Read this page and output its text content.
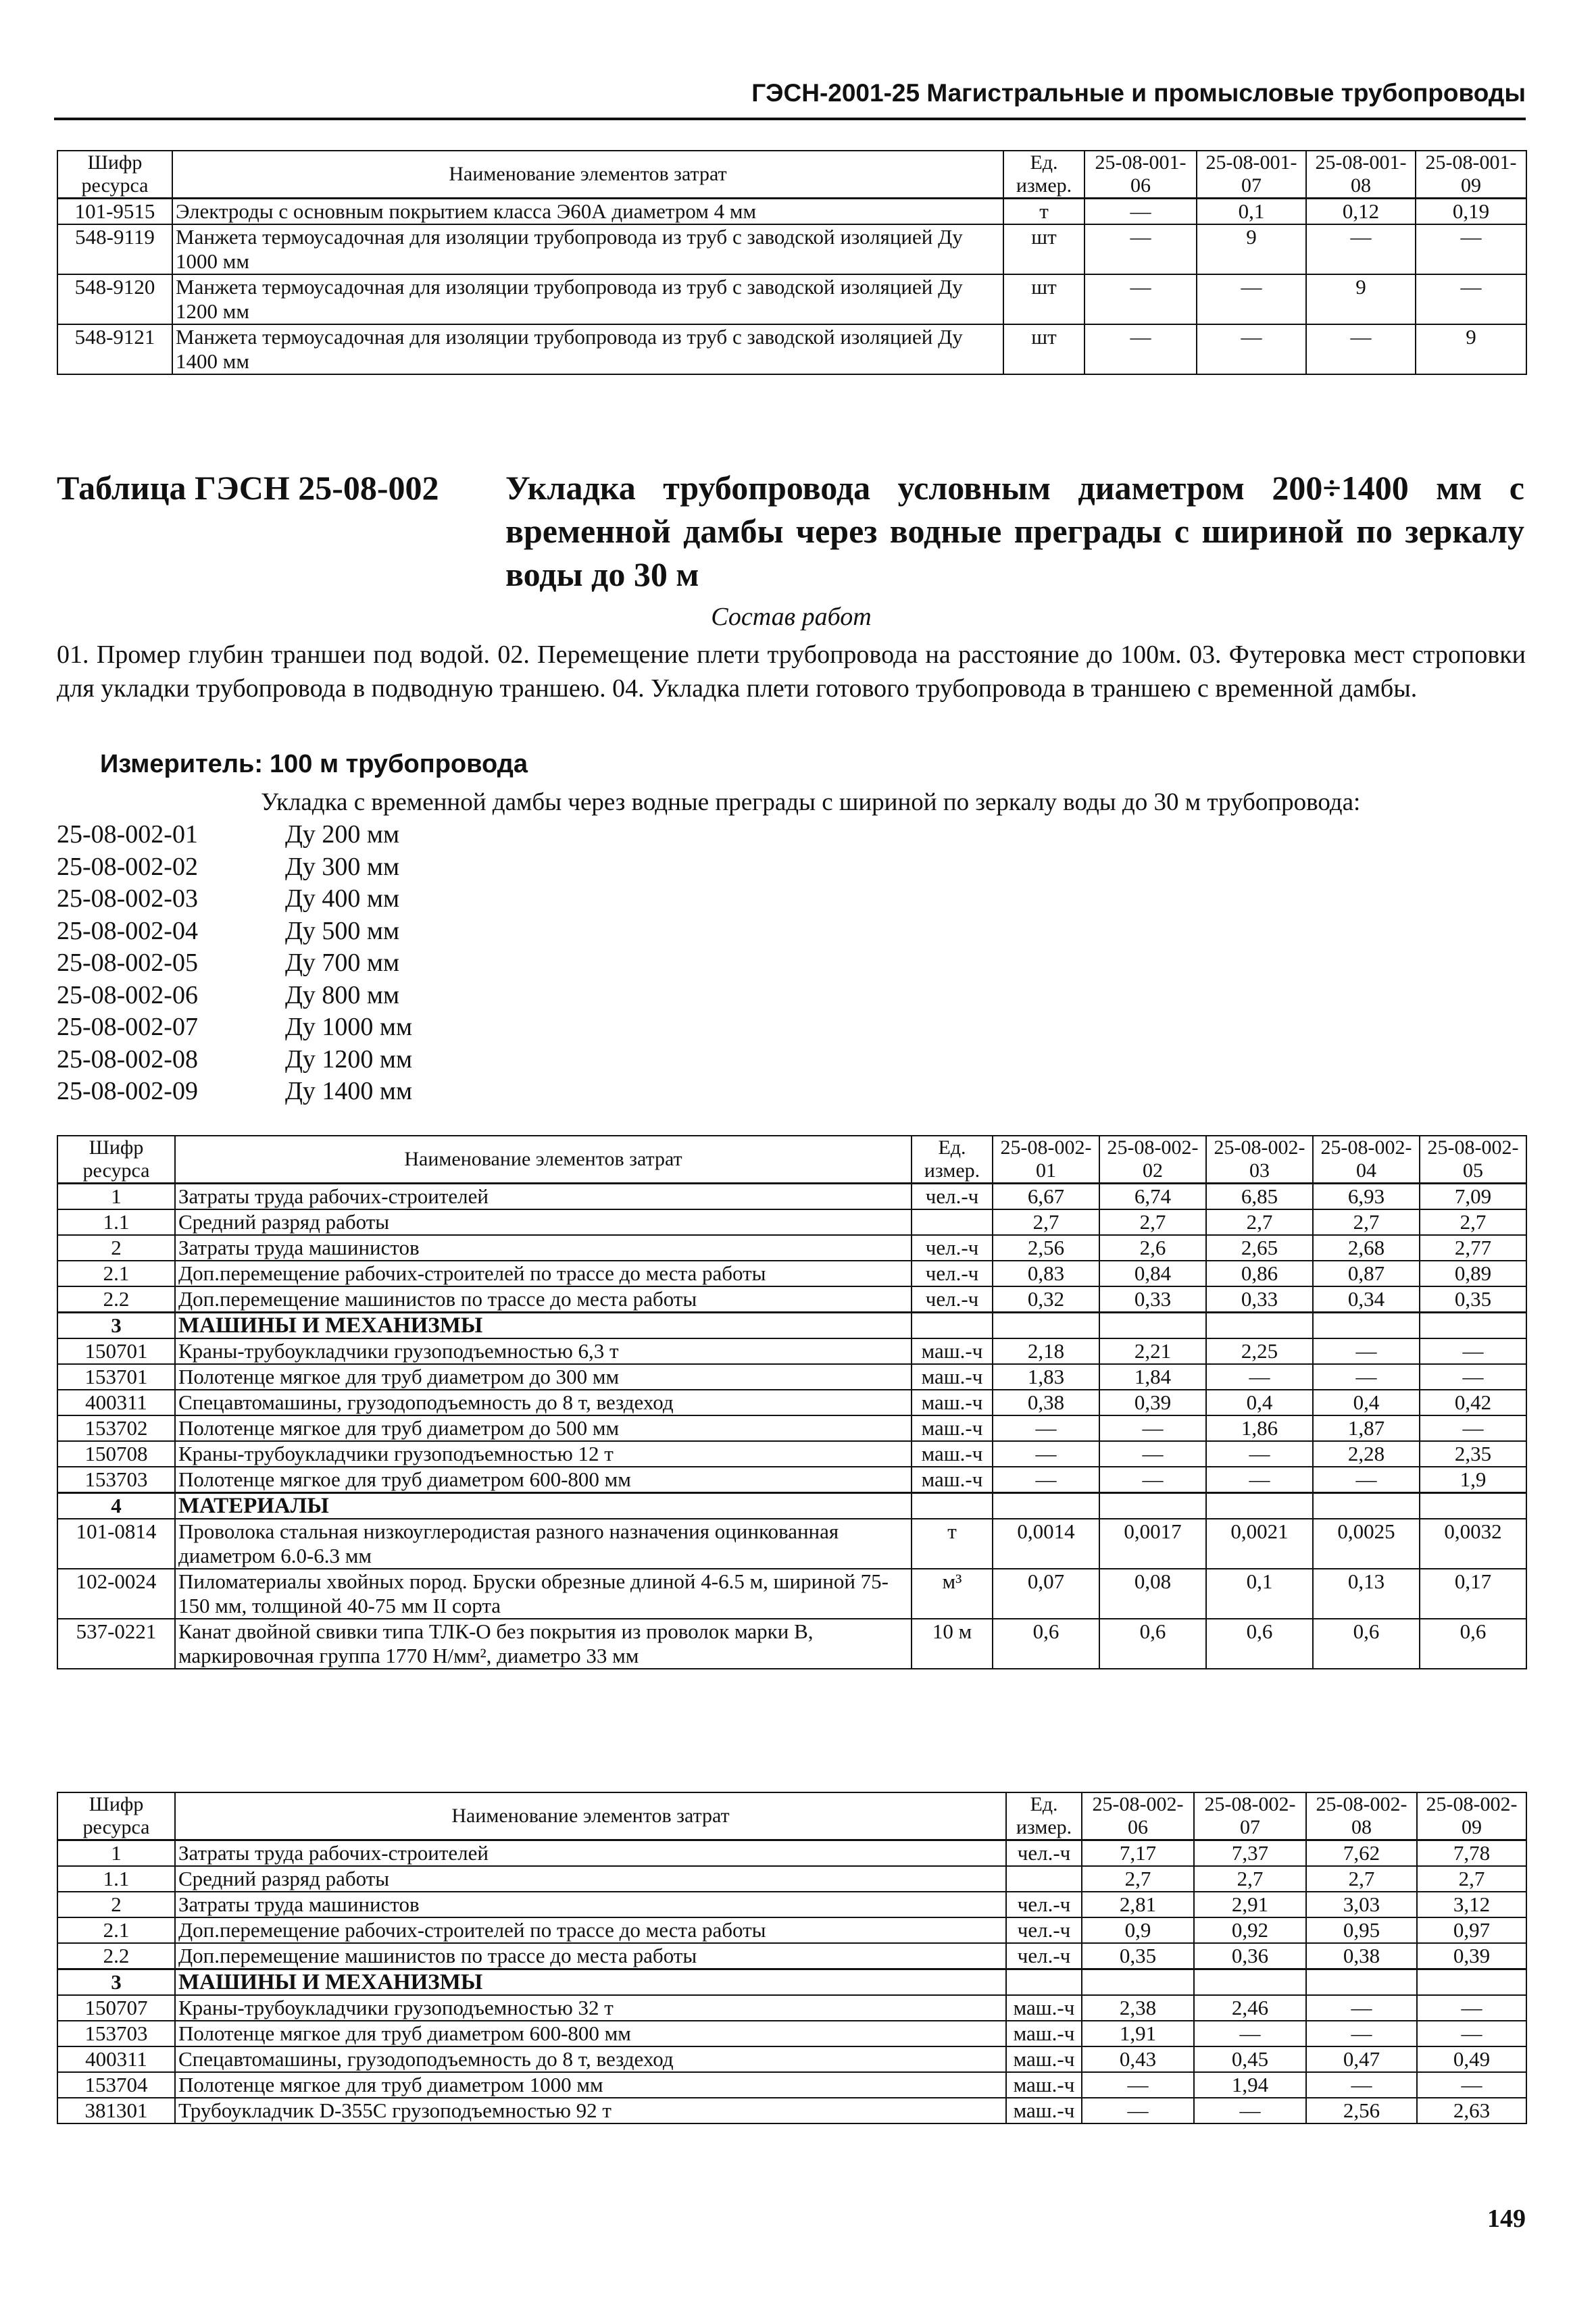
ГЭСН-2001-25 Магистральные и промысловые трубопроводы
Шифр ресурса	Наименование элементов затрат	Ед. измер.	25-08-001-06	25-08-001-07	25-08-001-08	25-08-001-09
101-9515	Электроды с основным покрытием класса Э60А диаметром 4 мм	т	—	0,1	0,12	0,19
548-9119	Манжета термоусадочная для изоляции трубопровода из труб с заводской изоляцией Ду 1000 мм	шт	—	9	—	—
548-9120	Манжета термоусадочная для изоляции трубопровода из труб с заводской изоляцией Ду 1200 мм	шт	—	—	9	—
548-9121	Манжета термоусадочная для изоляции трубопровода из труб с заводской изоляцией Ду 1400 мм	шт	—	—	—	9
Таблица ГЭСН 25-08-002	Укладка трубопровода условным диаметром 200÷1400 мм с временной дамбы через водные преграды с шириной по зеркалу воды до 30 м
Состав работ
01. Промер глубин траншеи под водой. 02. Перемещение плети трубопровода на расстояние до 100м. 03. Футеровка мест строповки для укладки трубопровода в подводную траншею. 04. Укладка плети готового трубопровода в траншею с временной дамбы.
Измеритель: 100 м трубопровода
Укладка с временной дамбы через водные преграды с шириной по зеркалу воды до 30 м трубопровода:
25-08-002-01	Ду 200 мм
25-08-002-02	Ду 300 мм
25-08-002-03	Ду 400 мм
25-08-002-04	Ду 500 мм
25-08-002-05	Ду 700 мм
25-08-002-06	Ду 800 мм
25-08-002-07	Ду 1000 мм
25-08-002-08	Ду 1200 мм
25-08-002-09	Ду 1400 мм
Шифр ресурса	Наименование элементов затрат	Ед. измер.	25-08-002-01	25-08-002-02	25-08-002-03	25-08-002-04	25-08-002-05
1	Затраты труда рабочих-строителей	чел.-ч	6,67	6,74	6,85	6,93	7,09
1.1	Средний разряд работы		2,7	2,7	2,7	2,7	2,7
2	Затраты труда машинистов	чел.-ч	2,56	2,6	2,65	2,68	2,77
2.1	Доп.перемещение рабочих-строителей по трассе до места работы	чел.-ч	0,83	0,84	0,86	0,87	0,89
2.2	Доп.перемещение машинистов по трассе до места работы	чел.-ч	0,32	0,33	0,33	0,34	0,35
3	МАШИНЫ И МЕХАНИЗМЫ						
150701	Краны-трубоукладчики грузоподъемностью 6,3 т	маш.-ч	2,18	2,21	2,25	—	—
153701	Полотенце мягкое для труб диаметром до 300 мм	маш.-ч	1,83	1,84	—	—	—
400311	Спецавтомашины, грузодоподъемность до 8 т, вездеход	маш.-ч	0,38	0,39	0,4	0,4	0,42
153702	Полотенце мягкое для труб диаметром до 500 мм	маш.-ч	—	—	1,86	1,87	—
150708	Краны-трубоукладчики грузоподъемностью 12 т	маш.-ч	—	—	—	2,28	2,35
153703	Полотенце мягкое для труб диаметром 600-800 мм	маш.-ч	—	—	—	—	1,9
4	МАТЕРИАЛЫ						
101-0814	Проволока стальная низкоуглеродистая разного назначения оцинкованная диаметром 6.0-6.3 мм	т	0,0014	0,0017	0,0021	0,0025	0,0032
102-0024	Пиломатериалы хвойных пород. Бруски обрезные длиной 4-6.5 м, шириной 75-150 мм, толщиной 40-75 мм II сорта	м³	0,07	0,08	0,1	0,13	0,17
537-0221	Канат двойной свивки типа ТЛК-О без покрытия из проволок марки В, маркировочная группа 1770 Н/мм², диаметро 33 мм	10 м	0,6	0,6	0,6	0,6	0,6
Шифр ресурса	Наименование элементов затрат	Ед. измер.	25-08-002-06	25-08-002-07	25-08-002-08	25-08-002-09
1	Затраты труда рабочих-строителей	чел.-ч	7,17	7,37	7,62	7,78
1.1	Средний разряд работы		2,7	2,7	2,7	2,7
2	Затраты труда машинистов	чел.-ч	2,81	2,91	3,03	3,12
2.1	Доп.перемещение рабочих-строителей по трассе до места работы	чел.-ч	0,9	0,92	0,95	0,97
2.2	Доп.перемещение машинистов по трассе до места работы	чел.-ч	0,35	0,36	0,38	0,39
3	МАШИНЫ И МЕХАНИЗМЫ					
150707	Краны-трубоукладчики грузоподъемностью 32 т	маш.-ч	2,38	2,46	—	—
153703	Полотенце мягкое для труб диаметром 600-800 мм	маш.-ч	1,91	—	—	—
400311	Спецавтомашины, грузодоподъемность до 8 т, вездеход	маш.-ч	0,43	0,45	0,47	0,49
153704	Полотенце мягкое для труб диаметром 1000 мм	маш.-ч	—	1,94	—	—
381301	Трубоукладчик D-355C грузоподъемностью 92 т	маш.-ч	—	—	2,56	2,63
149
